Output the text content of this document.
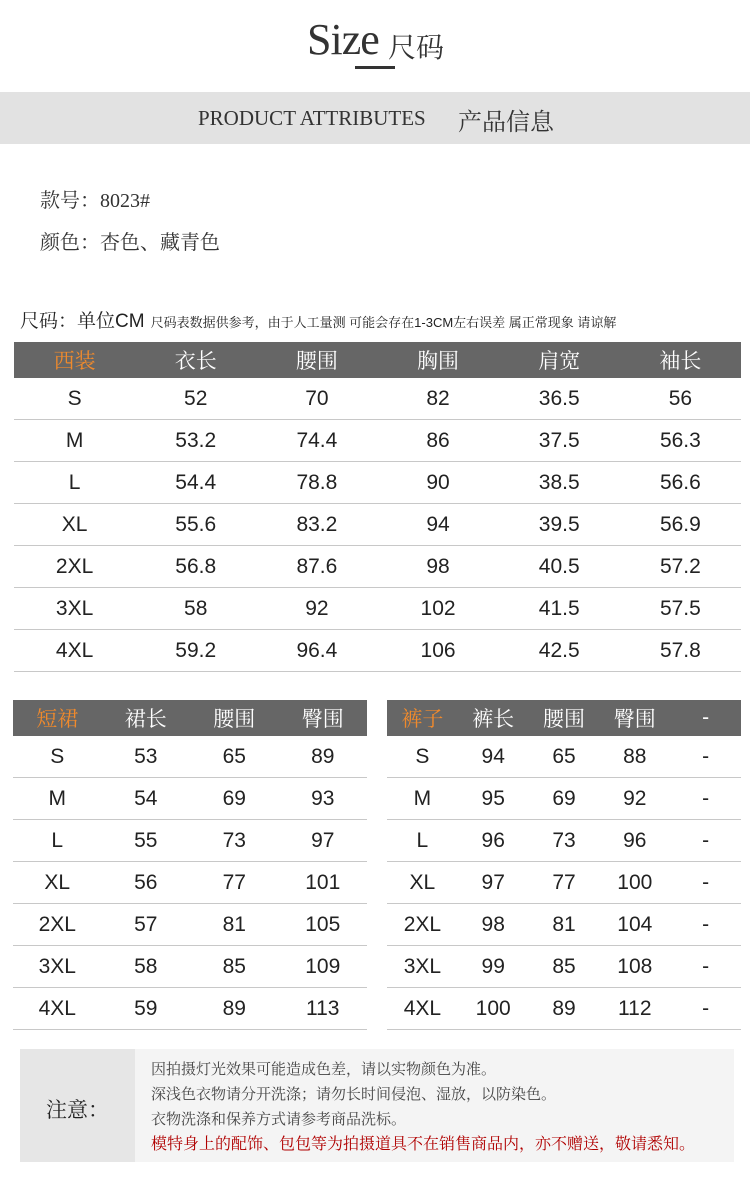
Size 尺码
PRODUCT ATTRIBUTES 产品信息
款号：8023#
颜色：杏色、藏青色
尺码：单位CM 尺码表数据供参考，由于人工量测 可能会存在1-3CM左右误差 属正常现象 请谅解
西装	衣长	腰围	胸围	肩宽	袖长
S	52	70	82	36.5	56
M	53.2	74.4	86	37.5	56.3
L	54.4	78.8	90	38.5	56.6
XL	55.6	83.2	94	39.5	56.9
2XL	56.8	87.6	98	40.5	57.2
3XL	58	92	102	41.5	57.5
4XL	59.2	96.4	106	42.5	57.8
短裙	裙长	腰围	臀围
S	53	65	89
M	54	69	93
L	55	73	97
XL	56	77	101
2XL	57	81	105
3XL	58	85	109
4XL	59	89	113
裤子	裤长	腰围	臀围	-
S	94	65	88	-
M	95	69	92	-
L	96	73	96	-
XL	97	77	100	-
2XL	98	81	104	-
3XL	99	85	108	-
4XL	100	89	112	-
注意：
因拍摄灯光效果可能造成色差，请以实物颜色为准。
深浅色衣物请分开洗涤；请勿长时间侵泡、湿放，以防染色。
衣物洗涤和保养方式请参考商品洗标。
模特身上的配饰、包包等为拍摄道具不在销售商品内，亦不赠送，敬请悉知。
